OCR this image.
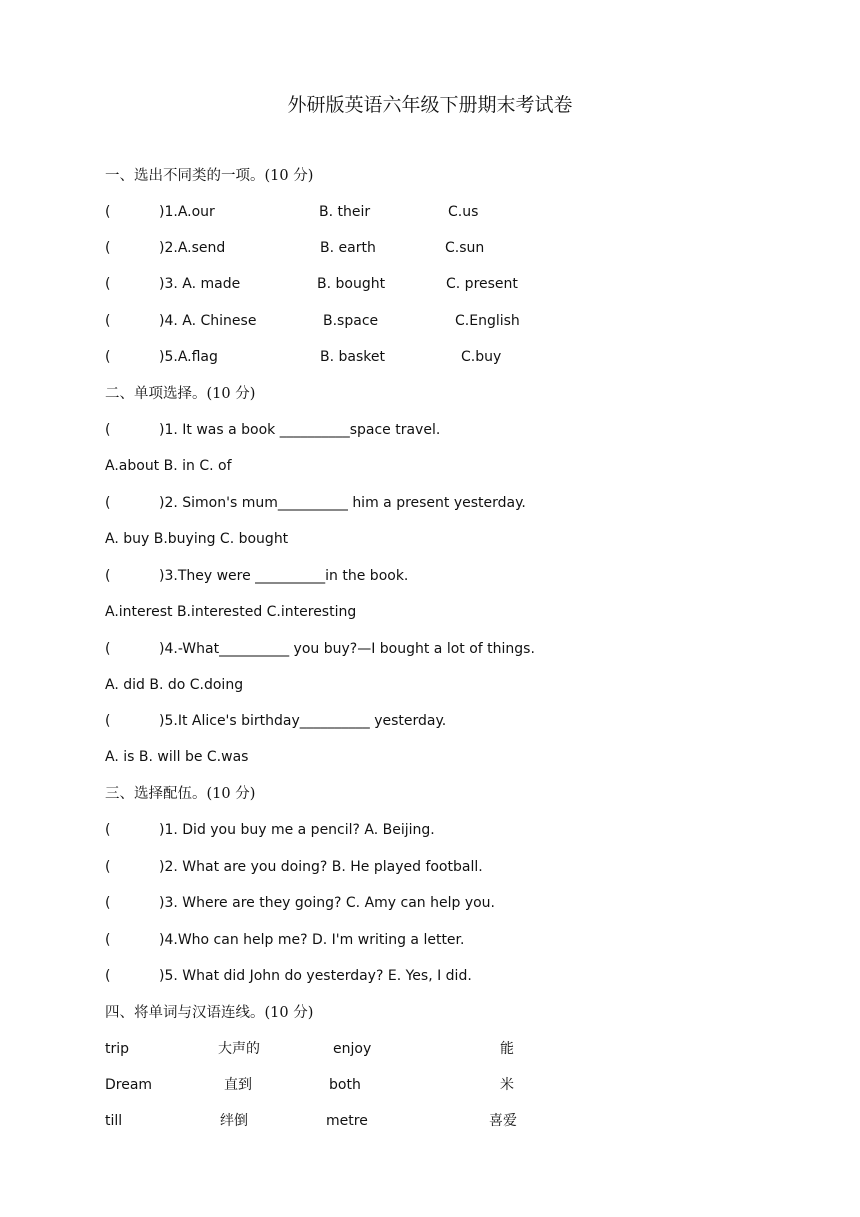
外研版英语六年级下册期末考试卷
一、选出不同类的一项。(10 分)
(	)1.A.our	B. their	C.us
(	)2.A.send	B. earth	C.sun
(	)3. A. made	B. bought	C. present
(	)4. A. Chinese	B.space	C.English
(	)5.A.flag	B. basket	C.buy
二、单项选择。(10 分)
(	)1. It was a book __________space travel.
A.about B. in C. of
(	)2. Simon's mum__________ him a present yesterday.
A. buy B.buying C. bought
(	)3.They were __________in the book.
A.interest B.interested C.interesting
(	)4.-What__________ you buy?—I bought a lot of things.
A. did B. do C.doing
(	)5.It Alice's birthday__________ yesterday.
A. is B. will be C.was
三、选择配伍。(10 分)
(	)1. Did you buy me a pencil? A. Beijing.
(	)2. What are you doing? B. He played football.
(	)3. Where are they going? C. Amy can help you.
(	)4.Who can help me? D. I'm writing a letter.
(	)5. What did John do yesterday? E. Yes, I did.
四、将单词与汉语连线。(10 分)
trip	大声的	enjoy	能
Dream	直到	both	米
till	绊倒	metre	喜爱
